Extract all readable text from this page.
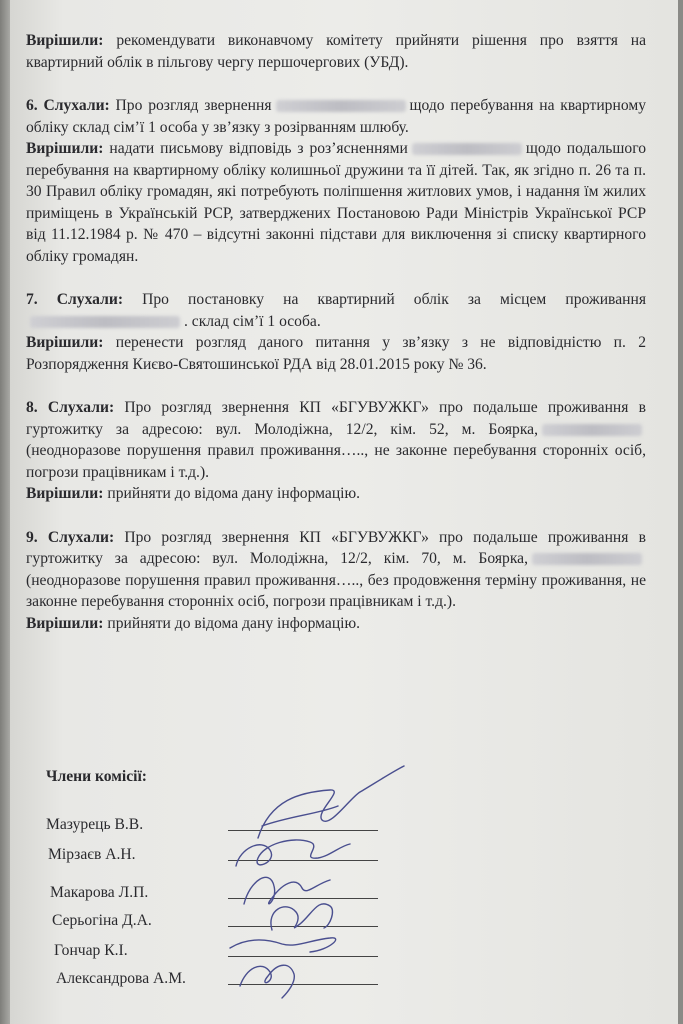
Вирішили: рекомендувати виконавчому комітету прийняти рішення про взяття на квартирний облік в пільгову чергу першочергових (УБД).

6. Слухали: Про розгляд звернення	щодо перебування на квартирному обліку склад сім’ї 1 особа у зв’язку з розірванням шлюбу.

Вирішили: надати письмову відповідь з роз’ясненнями	щодо подальшого перебування на квартирному обліку колишньої дружини та її дітей. Так, як згідно п. 26 та п. 30 Правил обліку громадян, які потребують поліпшення житлових умов, і надання їм жилих приміщень в Українській РСР, затверджених Постановою Ради Міністрів Української РСР від 11.12.1984 р. № 470 – відсутні законні підстави для виключення зі списку квартирного обліку громадян.

7. Слухали: Про постановку на квартирний облік за місцем проживання. склад сім’ї 1 особа.

Вирішили: перенести розгляд даного питання у зв’язку з не відповідністю п. 2 Розпорядження Києво-Святошинської РДА від 28.01.2015 року № 36.

8. Слухали: Про розгляд звернення КП «БГУВУЖКГ» про подальше проживання в гуртожитку за адресою: вул. Молодіжна, 12/2, кім. 52, м. Боярка,(неодноразове порушення правил проживання….., не законне перебування сторонніх осіб, погрози працівникам і т.д.).

Вирішили: прийняти до відома дану інформацію.

9. Слухали: Про розгляд звернення КП «БГУВУЖКГ» про подальше проживання в гуртожитку за адресою: вул. Молодіжна, 12/2, кім. 70, м. Боярка,(неодноразове порушення правил проживання….., без продовження терміну проживання, не законне перебування сторонніх осіб, погрози працівникам і т.д.).

Вирішили: прийняти до відома дану інформацію.

Члени комісії:
Мазурець В.В.
Мірзаєв А.Н.
Макарова Л.П.
Серьогіна Д.А.
Гончар К.І.
Александрова А.М.
